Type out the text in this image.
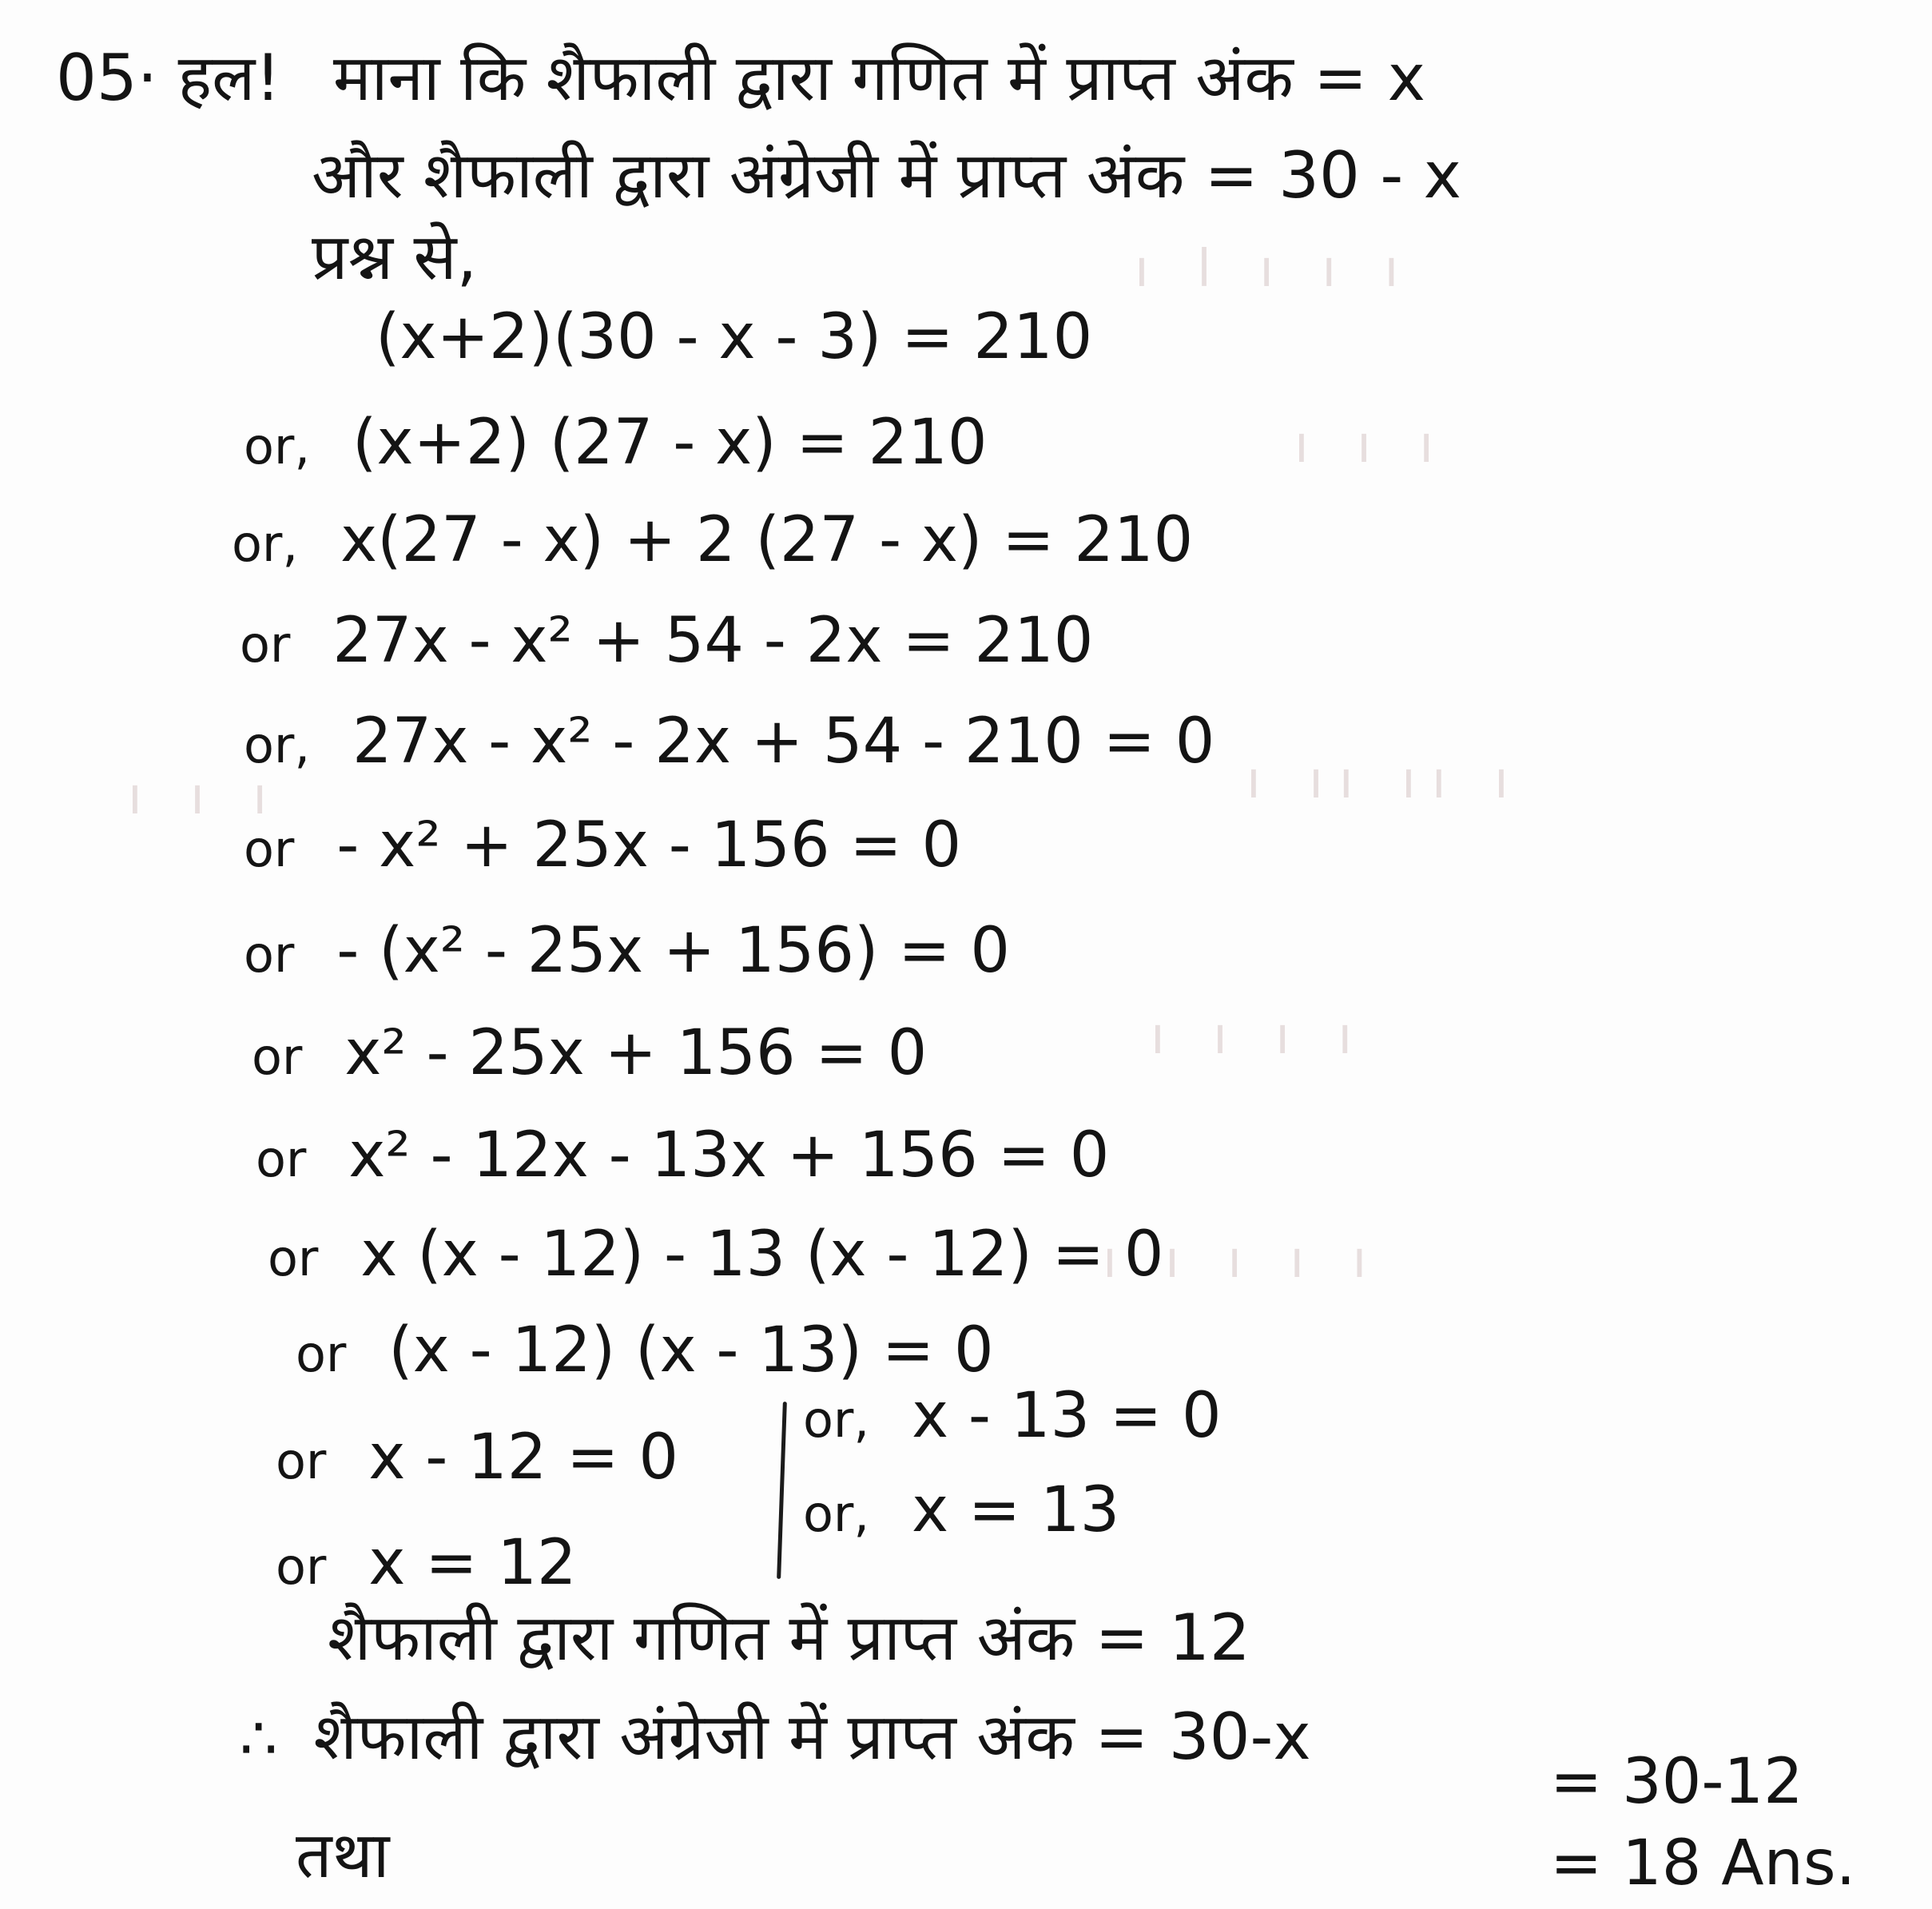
ı l ı ı ı
ı ı ı
ı ıı ıı ı
ı ı ı ı
ı ı ı ı ı
ı ı ı
05· हल! माना कि शैफाली द्वारा गणित में प्राप्त अंक = x
और शैफाली द्वारा अंग्रेजी में प्राप्त अंक = 30 - x
प्रश्न से,
(x+2)(30 - x - 3) = 210
or, (x+2) (27 - x) = 210
or, x(27 - x) + 2 (27 - x) = 210
or 27x - x² + 54 - 2x = 210
or, 27x - x² - 2x + 54 - 210 = 0
or - x² + 25x - 156 = 0
or - (x² - 25x + 156) = 0
or x² - 25x + 156 = 0
or x² - 12x - 13x + 156 = 0
or x (x - 12) - 13 (x - 12) = 0
or (x - 12) (x - 13) = 0
or x - 12 = 0
or x = 12
or, x - 13 = 0
or, x = 13
शैफाली द्वारा गणित में प्राप्त अंक = 12
∴ शैफाली द्वारा अंग्रेजी में प्राप्त अंक = 30-x
= 30-12
तथा	= 18 Ans.
